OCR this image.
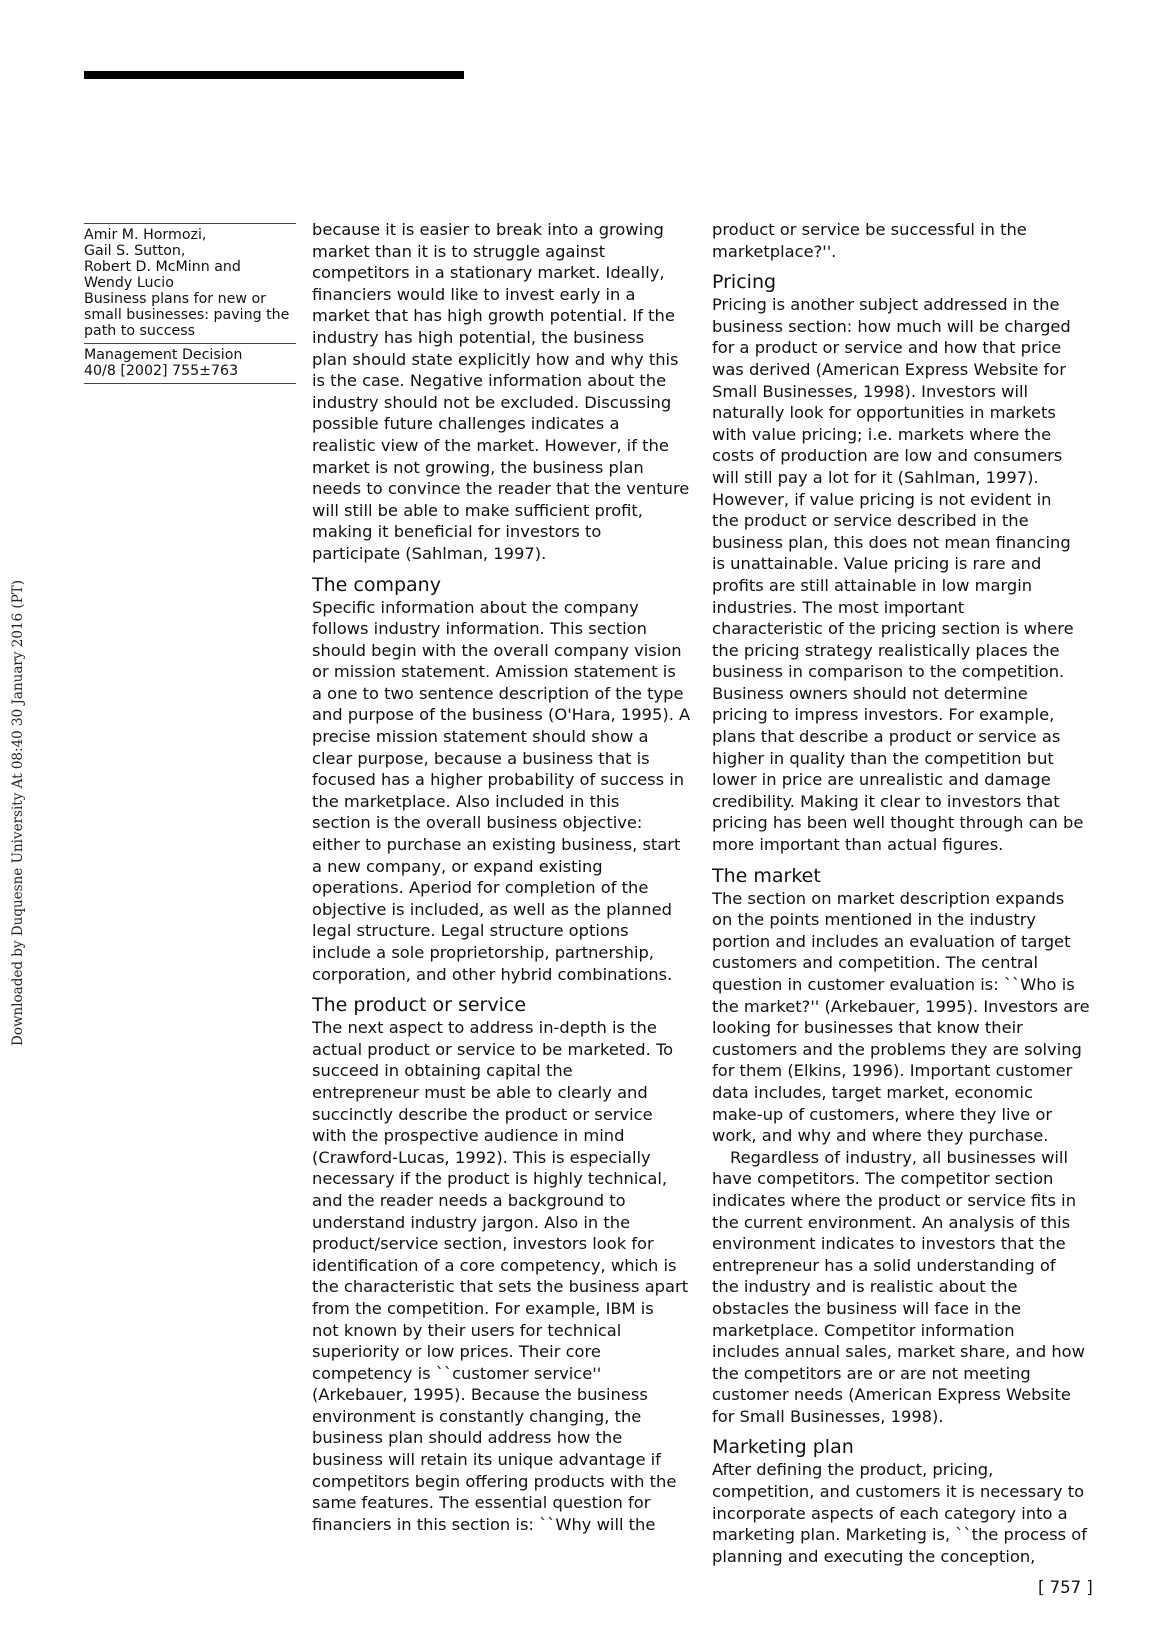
Downloaded by Duquesne University At 08:40 30 January 2016 (PT)
Amir M. Hormozi,
Gail S. Sutton,
Robert D. McMinn and
Wendy Lucio
Business plans for new or
small businesses: paving the
path to success
Management Decision
40/8 [2002] 755±763
because it is easier to break into a growing
market than it is to struggle against
competitors in a stationary market. Ideally,
financiers would like to invest early in a
market that has high growth potential. If the
industry has high potential, the business
plan should state explicitly how and why this
is the case. Negative information about the
industry should not be excluded. Discussing
possible future challenges indicates a
realistic view of the market. However, if the
market is not growing, the business plan
needs to convince the reader that the venture
will still be able to make sufficient profit,
making it beneficial for investors to
participate (Sahlman, 1997).
The company
Specific information about the company
follows industry information. This section
should begin with the overall company vision
or mission statement. Amission statement is
a one to two sentence description of the type
and purpose of the business (O'Hara, 1995). A
precise mission statement should show a
clear purpose, because a business that is
focused has a higher probability of success in
the marketplace. Also included in this
section is the overall business objective:
either to purchase an existing business, start
a new company, or expand existing
operations. Aperiod for completion of the
objective is included, as well as the planned
legal structure. Legal structure options
include a sole proprietorship, partnership,
corporation, and other hybrid combinations.
The product or service
The next aspect to address in-depth is the
actual product or service to be marketed. To
succeed in obtaining capital the
entrepreneur must be able to clearly and
succinctly describe the product or service
with the prospective audience in mind
(Crawford-Lucas, 1992). This is especially
necessary if the product is highly technical,
and the reader needs a background to
understand industry jargon. Also in the
product/service section, investors look for
identification of a core competency, which is
the characteristic that sets the business apart
from the competition. For example, IBM is
not known by their users for technical
superiority or low prices. Their core
competency is ``customer service''
(Arkebauer, 1995). Because the business
environment is constantly changing, the
business plan should address how the
business will retain its unique advantage if
competitors begin offering products with the
same features. The essential question for
financiers in this section is: ``Why will the
product or service be successful in the
marketplace?''.
Pricing
Pricing is another subject addressed in the
business section: how much will be charged
for a product or service and how that price
was derived (American Express Website for
Small Businesses, 1998). Investors will
naturally look for opportunities in markets
with value pricing; i.e. markets where the
costs of production are low and consumers
will still pay a lot for it (Sahlman, 1997).
However, if value pricing is not evident in
the product or service described in the
business plan, this does not mean financing
is unattainable. Value pricing is rare and
profits are still attainable in low margin
industries. The most important
characteristic of the pricing section is where
the pricing strategy realistically places the
business in comparison to the competition.
Business owners should not determine
pricing to impress investors. For example,
plans that describe a product or service as
higher in quality than the competition but
lower in price are unrealistic and damage
credibility. Making it clear to investors that
pricing has been well thought through can be
more important than actual figures.
The market
The section on market description expands
on the points mentioned in the industry
portion and includes an evaluation of target
customers and competition. The central
question in customer evaluation is: ``Who is
the market?'' (Arkebauer, 1995). Investors are
looking for businesses that know their
customers and the problems they are solving
for them (Elkins, 1996). Important customer
data includes, target market, economic
make-up of customers, where they live or
work, and why and where they purchase.
Regardless of industry, all businesses will
have competitors. The competitor section
indicates where the product or service fits in
the current environment. An analysis of this
environment indicates to investors that the
entrepreneur has a solid understanding of
the industry and is realistic about the
obstacles the business will face in the
marketplace. Competitor information
includes annual sales, market share, and how
the competitors are or are not meeting
customer needs (American Express Website
for Small Businesses, 1998).
Marketing plan
After defining the product, pricing,
competition, and customers it is necessary to
incorporate aspects of each category into a
marketing plan. Marketing is, ``the process of
planning and executing the conception,
[ 757 ]
